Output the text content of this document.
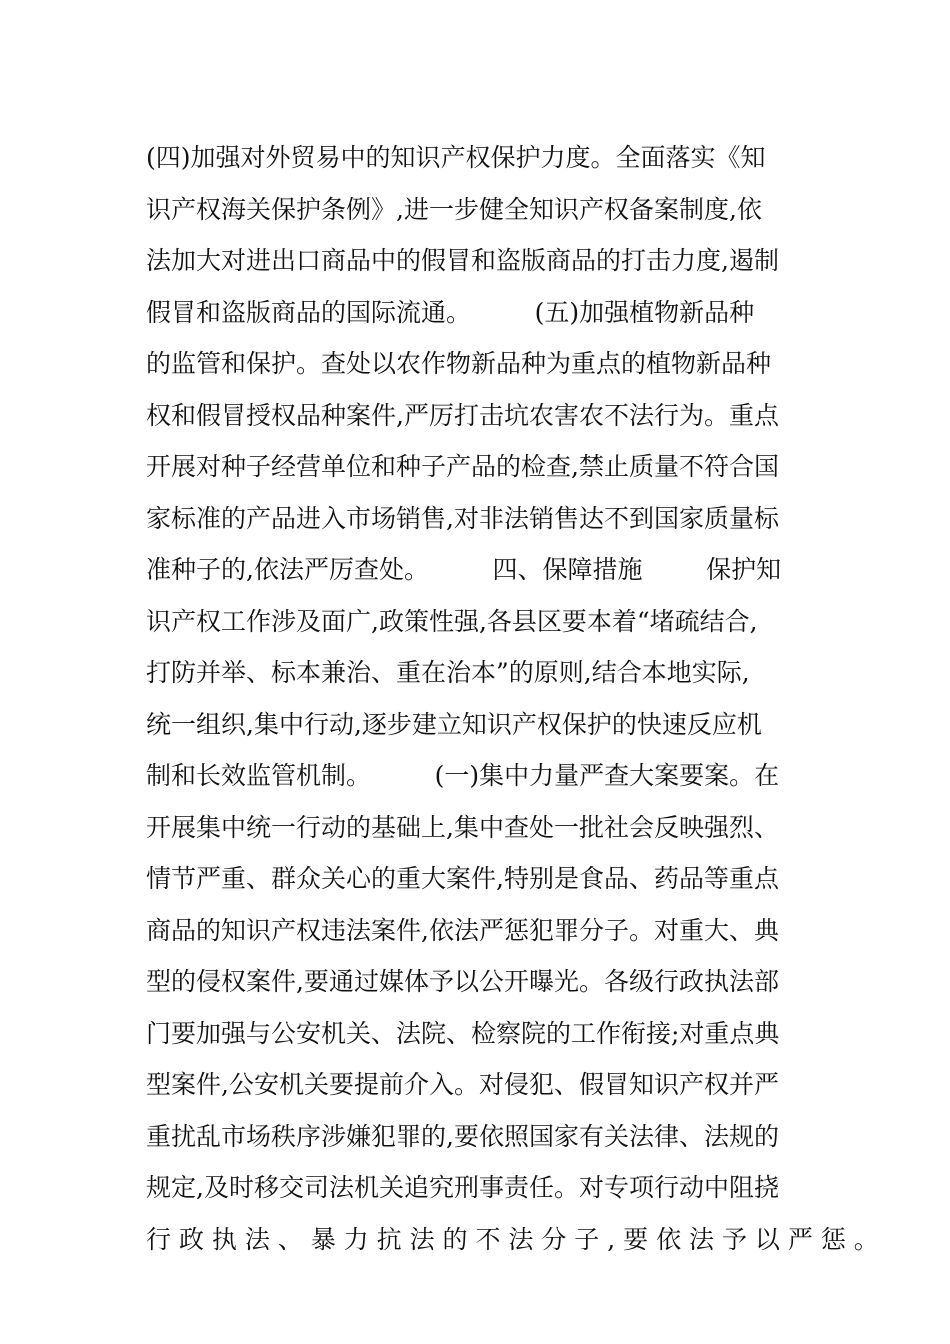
(四)加强对外贸易中的知识产权保护力度。全面落实《知
识产权海关保护条例》,进一步健全知识产权备案制度,依
法加大对进出口商品中的假冒和盗版商品的打击力度,遏制
假冒和盗版商品的国际流通。        (五)加强植物新品种
的监管和保护。查处以农作物新品种为重点的植物新品种
权和假冒授权品种案件,严厉打击坑农害农不法行为。重点
开展对种子经营单位和种子产品的检查,禁止质量不符合国
家标准的产品进入市场销售,对非法销售达不到国家质量标
准种子的,依法严厉查处。        四、保障措施        保护知
识产权工作涉及面广,政策性强,各县区要本着“堵疏结合,
打防并举、标本兼治、重在治本”的原则,结合本地实际,
统一组织,集中行动,逐步建立知识产权保护的快速反应机
制和长效监管机制。        (一)集中力量严查大案要案。在
开展集中统一行动的基础上,集中查处一批社会反映强烈、
情节严重、群众关心的重大案件,特别是食品、药品等重点
商品的知识产权违法案件,依法严惩犯罪分子。对重大、典
型的侵权案件,要通过媒体予以公开曝光。各级行政执法部
门要加强与公安机关、法院、检察院的工作衔接;对重点典
型案件,公安机关要提前介入。对侵犯、假冒知识产权并严
重扰乱市场秩序涉嫌犯罪的,要依照国家有关法律、法规的
规定,及时移交司法机关追究刑事责任。对专项行动中阻挠
行 政 执 法 、 暴 力 抗 法 的 不 法 分 子 , 要 依 法 予 以 严 惩 。
